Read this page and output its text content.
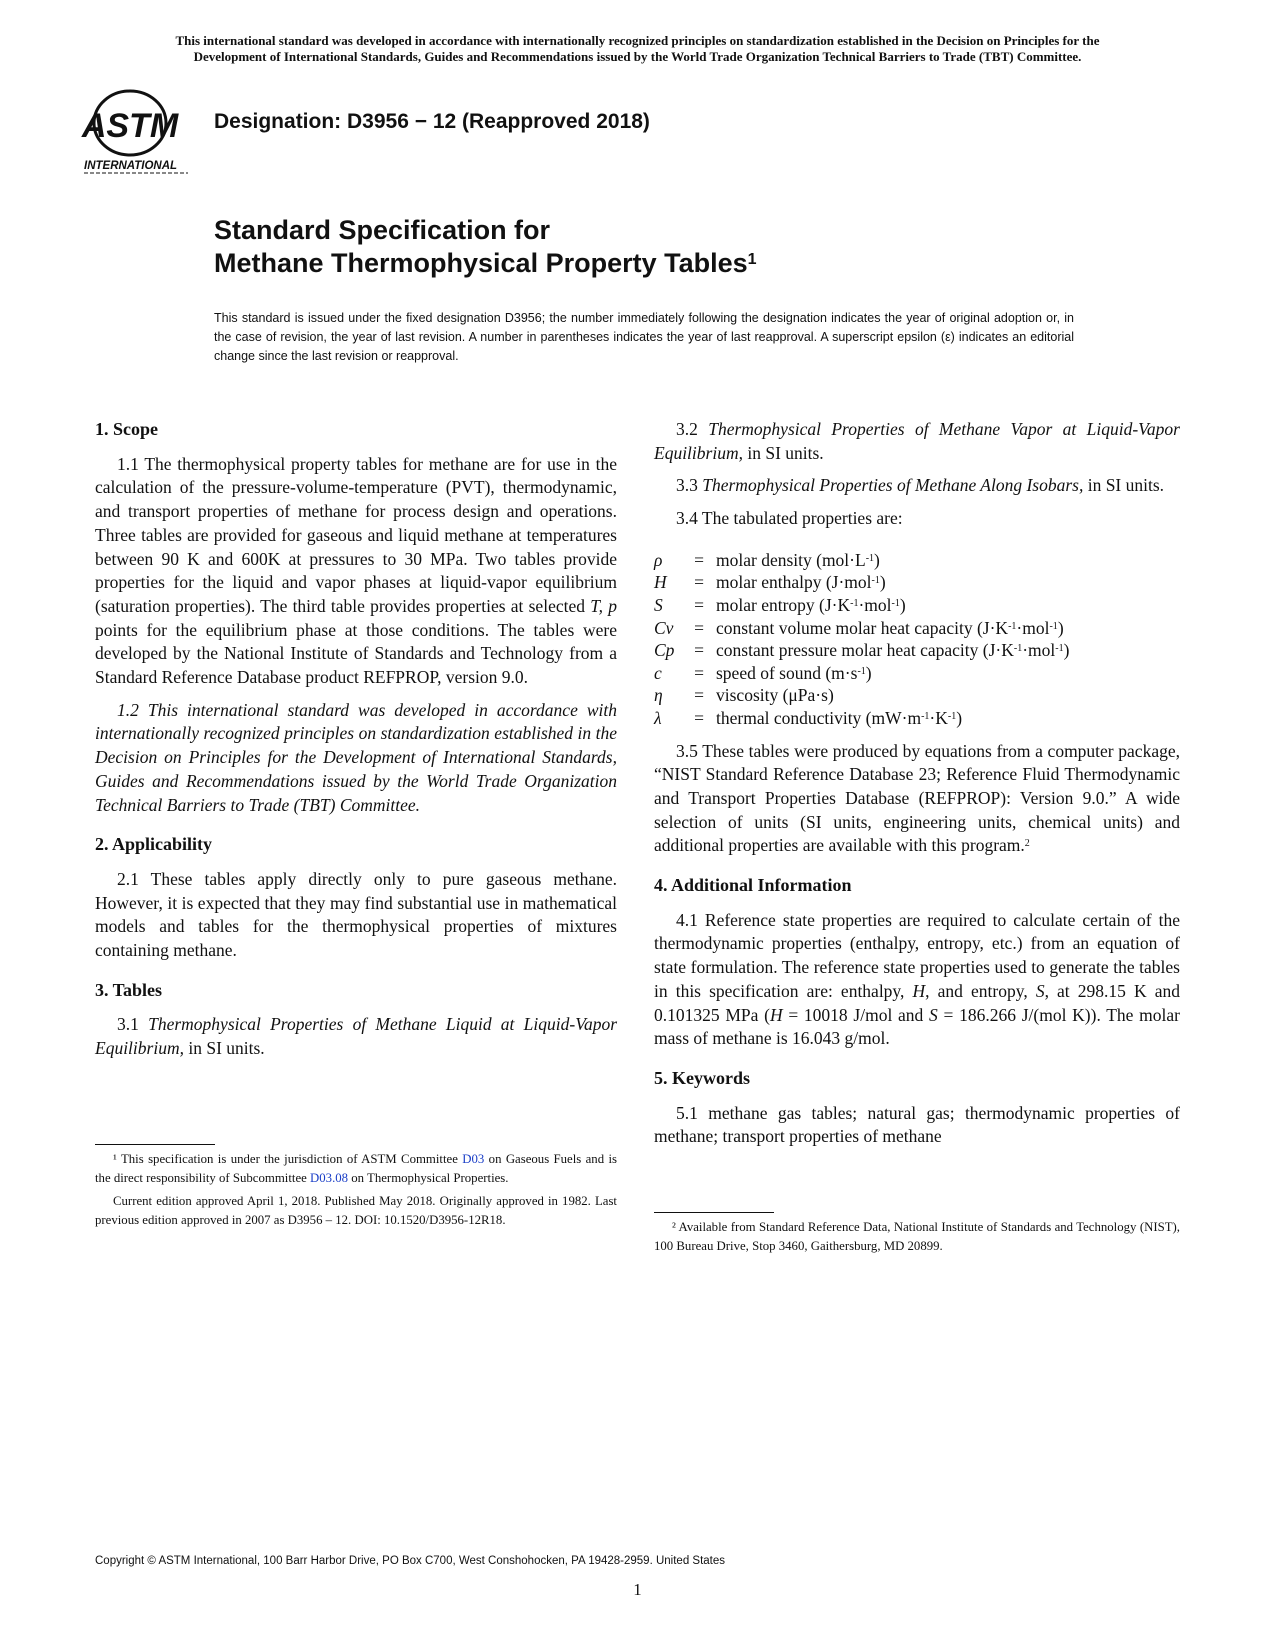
This international standard was developed in accordance with internationally recognized principles on standardization established in the Decision on Principles for the
Development of International Standards, Guides and Recommendations issued by the World Trade Organization Technical Barriers to Trade (TBT) Committee.
ASTM
INTERNATIONAL
Designation: D3956 − 12 (Reapproved 2018)
Standard Specification for
Methane Thermophysical Property Tables$^1$
This standard is issued under the fixed designation D3956; the number immediately following the designation indicates the year of original adoption or, in the case of revision, the year of last revision. A number in parentheses indicates the year of last reapproval. A superscript epsilon (ε) indicates an editorial change since the last revision or reapproval.
1. Scope

1.1 The thermophysical property tables for methane are for use in the calculation of the pressure-volume-temperature (PVT), thermodynamic, and transport properties of methane for process design and operations. Three tables are provided for gaseous and liquid methane at temperatures between 90 K and 600K at pressures to 30 MPa. Two tables provide properties for the liquid and vapor phases at liquid-vapor equilibrium (saturation properties). The third table provides properties at selected T, p points for the equilibrium phase at those conditions. The tables were developed by the National Institute of Standards and Technology from a Standard Reference Database product REFPROP, version 9.0.

1.2 This international standard was developed in accordance with internationally recognized principles on standardization established in the Decision on Principles for the Development of International Standards, Guides and Recommendations issued by the World Trade Organization Technical Barriers to Trade (TBT) Committee.

2. Applicability

2.1 These tables apply directly only to pure gaseous methane. However, it is expected that they may find substantial use in mathematical models and tables for the thermophysical properties of mixtures containing methane.

3. Tables

3.1 Thermophysical Properties of Methane Liquid at Liquid-Vapor Equilibrium, in SI units.

¹ This specification is under the jurisdiction of ASTM Committee D03 on Gaseous Fuels and is the direct responsibility of Subcommittee D03.08 on Thermophysical Properties.

Current edition approved April 1, 2018. Published May 2018. Originally approved in 1982. Last previous edition approved in 2007 as D3956 – 12. DOI: 10.1520/D3956-12R18.

3.2 Thermophysical Properties of Methane Vapor at Liquid-Vapor Equilibrium, in SI units.

3.3 Thermophysical Properties of Methane Along Isobars, in SI units.

3.4 The tabulated properties are:

ρ	= molar density $(mol\cdot L^{-1})$
H	= molar enthalpy (J·mol$^{-1}$)
S	= molar entropy $(J\cdot K^{-1}\cdot mol^{-1})$
Cv	= constant volume molar heat capacity $(J\cdot K^{-1}\cdot mol^{-1})$
Cp	= constant pressure molar heat capacity $(J\cdot K^{-1}\cdot mol^{-1})$
c	= speed of sound $(m\cdot s^{-1})$
η	= viscosity (μPa·s)
λ	= thermal conductivity $(mW\cdot m^{-1}\cdot K^{-1})$

3.5 These tables were produced by equations from a computer package, “NIST Standard Reference Database 23; Reference Fluid Thermodynamic and Transport Properties Database (REFPROP): Version 9.0.” A wide selection of units (SI units, engineering units, chemical units) and additional properties are available with this program.$^2$

4. Additional Information

4.1 Reference state properties are required to calculate certain of the thermodynamic properties (enthalpy, entropy, etc.) from an equation of state formulation. The reference state properties used to generate the tables in this specification are: enthalpy, H, and entropy, S, at 298.15 K and 0.101325 MPa (H = 10018 J/mol and S = 186.266 J/(mol K)). The molar mass of methane is 16.043 g/mol.

5. Keywords

5.1 methane gas tables; natural gas; thermodynamic properties of methane; transport properties of methane

² Available from Standard Reference Data, National Institute of Standards and Technology (NIST), 100 Bureau Drive, Stop 3460, Gaithersburg, MD 20899.

Copyright © ASTM International, 100 Barr Harbor Drive, PO Box C700, West Conshohocken, PA 19428-2959. United States
1
